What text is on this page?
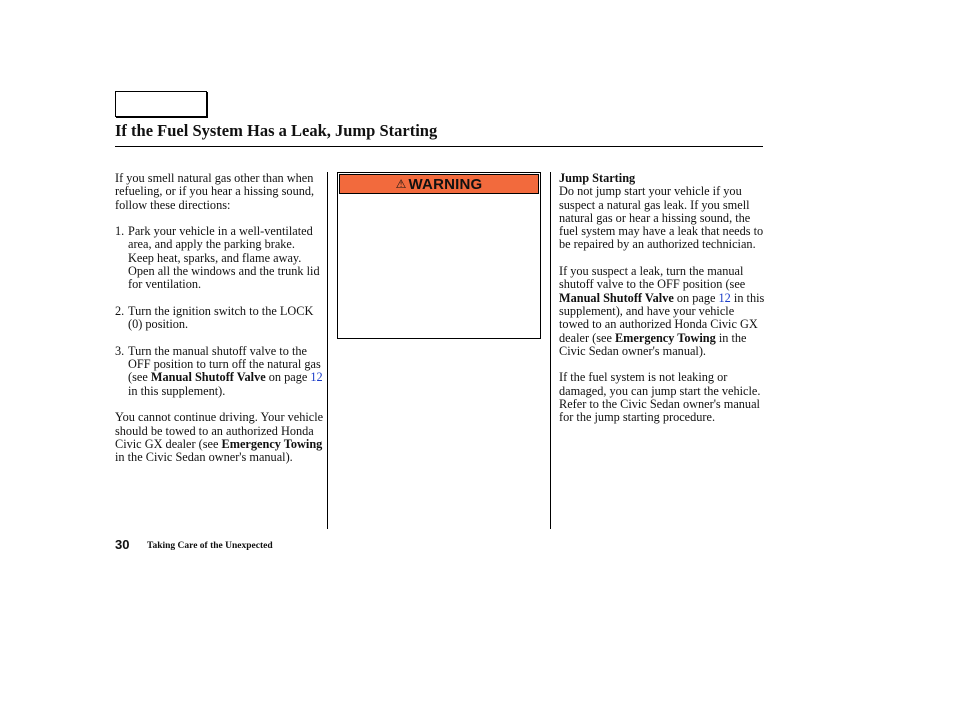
If the Fuel System Has a Leak, Jump Starting

If you smell natural gas other than when refueling, or if you hear a hissing sound, follow these directions:

1. Park your vehicle in a well-ventilated area, and apply the parking brake.
Keep heat, sparks, and flame away. Open all the windows and the trunk lid for ventilation.
2. Turn the ignition switch to the LOCK (0) position.
3. Turn the manual shutoff valve to the OFF position to turn off the natural gas (see Manual Shutoff Valve on page 12 in this supplement).

You cannot continue driving. Your vehicle should be towed to an authorized Honda Civic GX dealer (see Emergency Towing in the Civic Sedan owner's manual).

⚠ WARNING	Jump Starting

Do not jump start your vehicle if you suspect a natural gas leak. If you smell natural gas or hear a hissing sound, the fuel system may have a leak that needs to be repaired by an authorized technician.

If you suspect a leak, turn the manual shutoff valve to the OFF position (see Manual Shutoff Valve on page 12 in this supplement), and have your vehicle towed to an authorized Honda Civic GX dealer (see Emergency Towing in the Civic Sedan owner's manual).

If the fuel system is not leaking or damaged, you can jump start the vehicle. Refer to the Civic Sedan owner's manual for the jump starting procedure.

30 Taking Care of the Unexpected
